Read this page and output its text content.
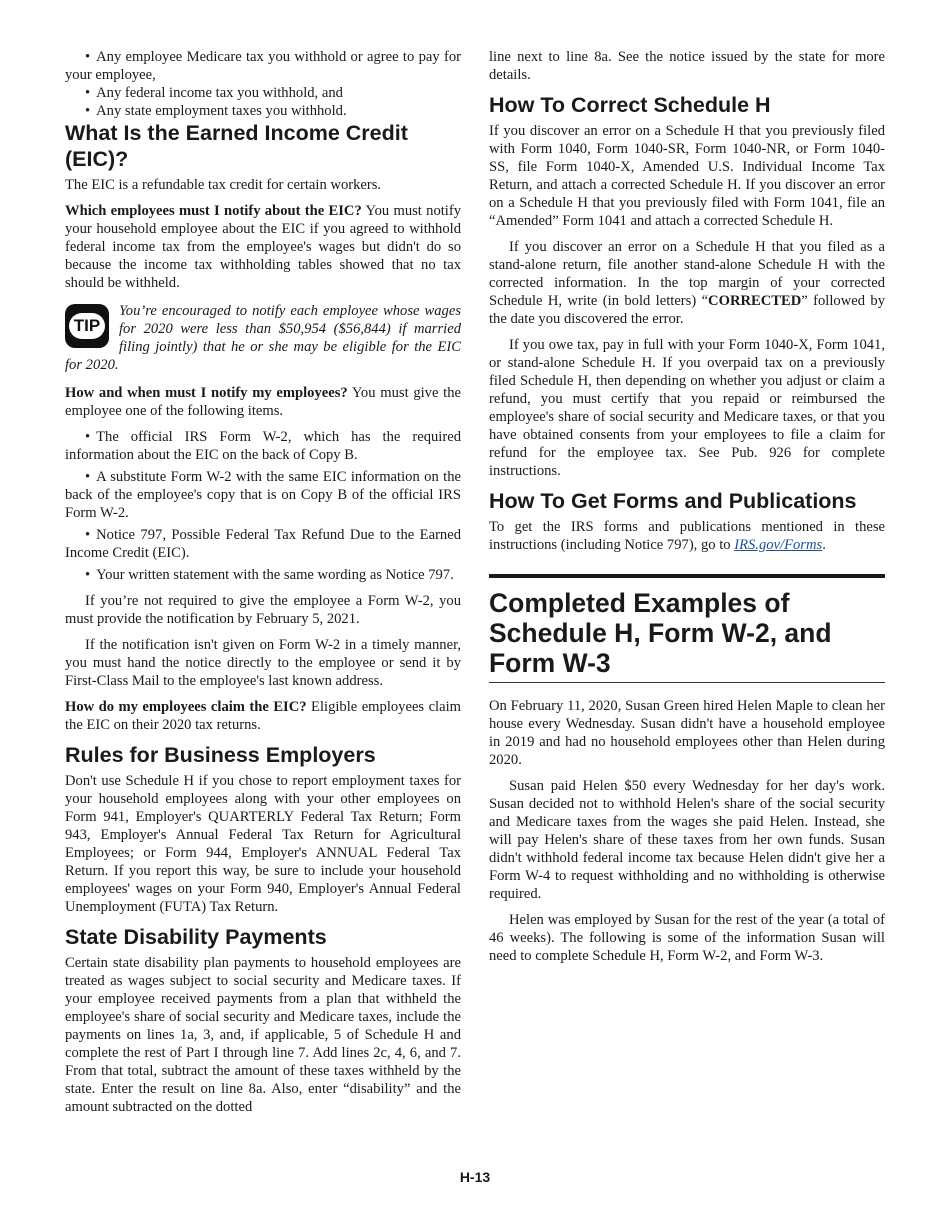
• Any employee Medicare tax you withhold or agree to pay for your employee,

• Any federal income tax you withhold, and

• Any state employment taxes you withhold.

What Is the Earned Income Credit (EIC)?

The EIC is a refundable tax credit for certain workers.

Which employees must I notify about the EIC? You must notify your household employee about the EIC if you agreed to withhold federal income tax from the employee's wages but didn't do so because the income tax withholding tables showed that no tax should be withheld.

TIP
You’re encouraged to notify each employee whose wages for 2020 were less than $50,954 ($56,844) if married filing jointly) that he or she may be eligible for the EIC for 2020.

How and when must I notify my employees? You must give the employee one of the following items.

• The official IRS Form W-2, which has the required information about the EIC on the back of Copy B.

• A substitute Form W-2 with the same EIC information on the back of the employee's copy that is on Copy B of the official IRS Form W-2.

• Notice 797, Possible Federal Tax Refund Due to the Earned Income Credit (EIC).

• Your written statement with the same wording as Notice 797.

If you’re not required to give the employee a Form W-2, you must provide the notification by February 5, 2021.

If the notification isn't given on Form W-2 in a timely manner, you must hand the notice directly to the employee or send it by First-Class Mail to the employee's last known address.

How do my employees claim the EIC? Eligible employees claim the EIC on their 2020 tax returns.

Rules for Business Employers

Don't use Schedule H if you chose to report employment taxes for your household employees along with your other employees on Form 941, Employer's QUARTERLY Federal Tax Return; Form 943, Employer's Annual Federal Tax Return for Agricultural Employees; or Form 944, Employer's ANNUAL Federal Tax Return. If you report this way, be sure to include your household employees' wages on your Form 940, Employer's Annual Federal Unemployment (FUTA) Tax Return.

State Disability Payments

Certain state disability plan payments to household employees are treated as wages subject to social security and Medicare taxes. If your employee received payments from a plan that withheld the employee's share of social security and Medicare taxes, include the payments on lines 1a, 3, and, if applicable, 5 of Schedule H and complete the rest of Part I through line 7. Add lines 2c, 4, 6, and 7. From that total, subtract the amount of these taxes withheld by the state. Enter the result on line 8a. Also, enter “disability” and the amount subtracted on the dotted

line next to line 8a. See the notice issued by the state for more details.

How To Correct Schedule H

If you discover an error on a Schedule H that you previously filed with Form 1040, Form 1040-SR, Form 1040-NR, or Form 1040-SS, file Form 1040-X, Amended U.S. Individual Income Tax Return, and attach a corrected Schedule H. If you discover an error on a Schedule H that you previously filed with Form 1041, file an “Amended” Form 1041 and attach a corrected Schedule H.

If you discover an error on a Schedule H that you filed as a stand-alone return, file another stand-alone Schedule H with the corrected information. In the top margin of your corrected Schedule H, write (in bold letters) “CORRECTED” followed by the date you discovered the error.

If you owe tax, pay in full with your Form 1040-X, Form 1041, or stand-alone Schedule H. If you overpaid tax on a previously filed Schedule H, then depending on whether you adjust or claim a refund, you must certify that you repaid or reimbursed the employee's share of social security and Medicare taxes, or that you have obtained consents from your employees to file a claim for refund for the employee tax. See Pub. 926 for complete instructions.

How To Get Forms and Publications

To get the IRS forms and publications mentioned in these instructions (including Notice 797), go to IRS.gov/Forms.

Completed Examples of Schedule H, Form W-2, and Form W-3

On February 11, 2020, Susan Green hired Helen Maple to clean her house every Wednesday. Susan didn't have a household employee in 2019 and had no household employees other than Helen during 2020.

Susan paid Helen $50 every Wednesday for her day's work. Susan decided not to withhold Helen's share of the social security and Medicare taxes from the wages she paid Helen. Instead, she will pay Helen's share of these taxes from her own funds. Susan didn't withhold federal income tax because Helen didn't give her a Form W-4 to request withholding and no withholding is otherwise required.

Helen was employed by Susan for the rest of the year (a total of 46 weeks). The following is some of the information Susan will need to complete Schedule H, Form W-2, and Form W-3.

H-13
